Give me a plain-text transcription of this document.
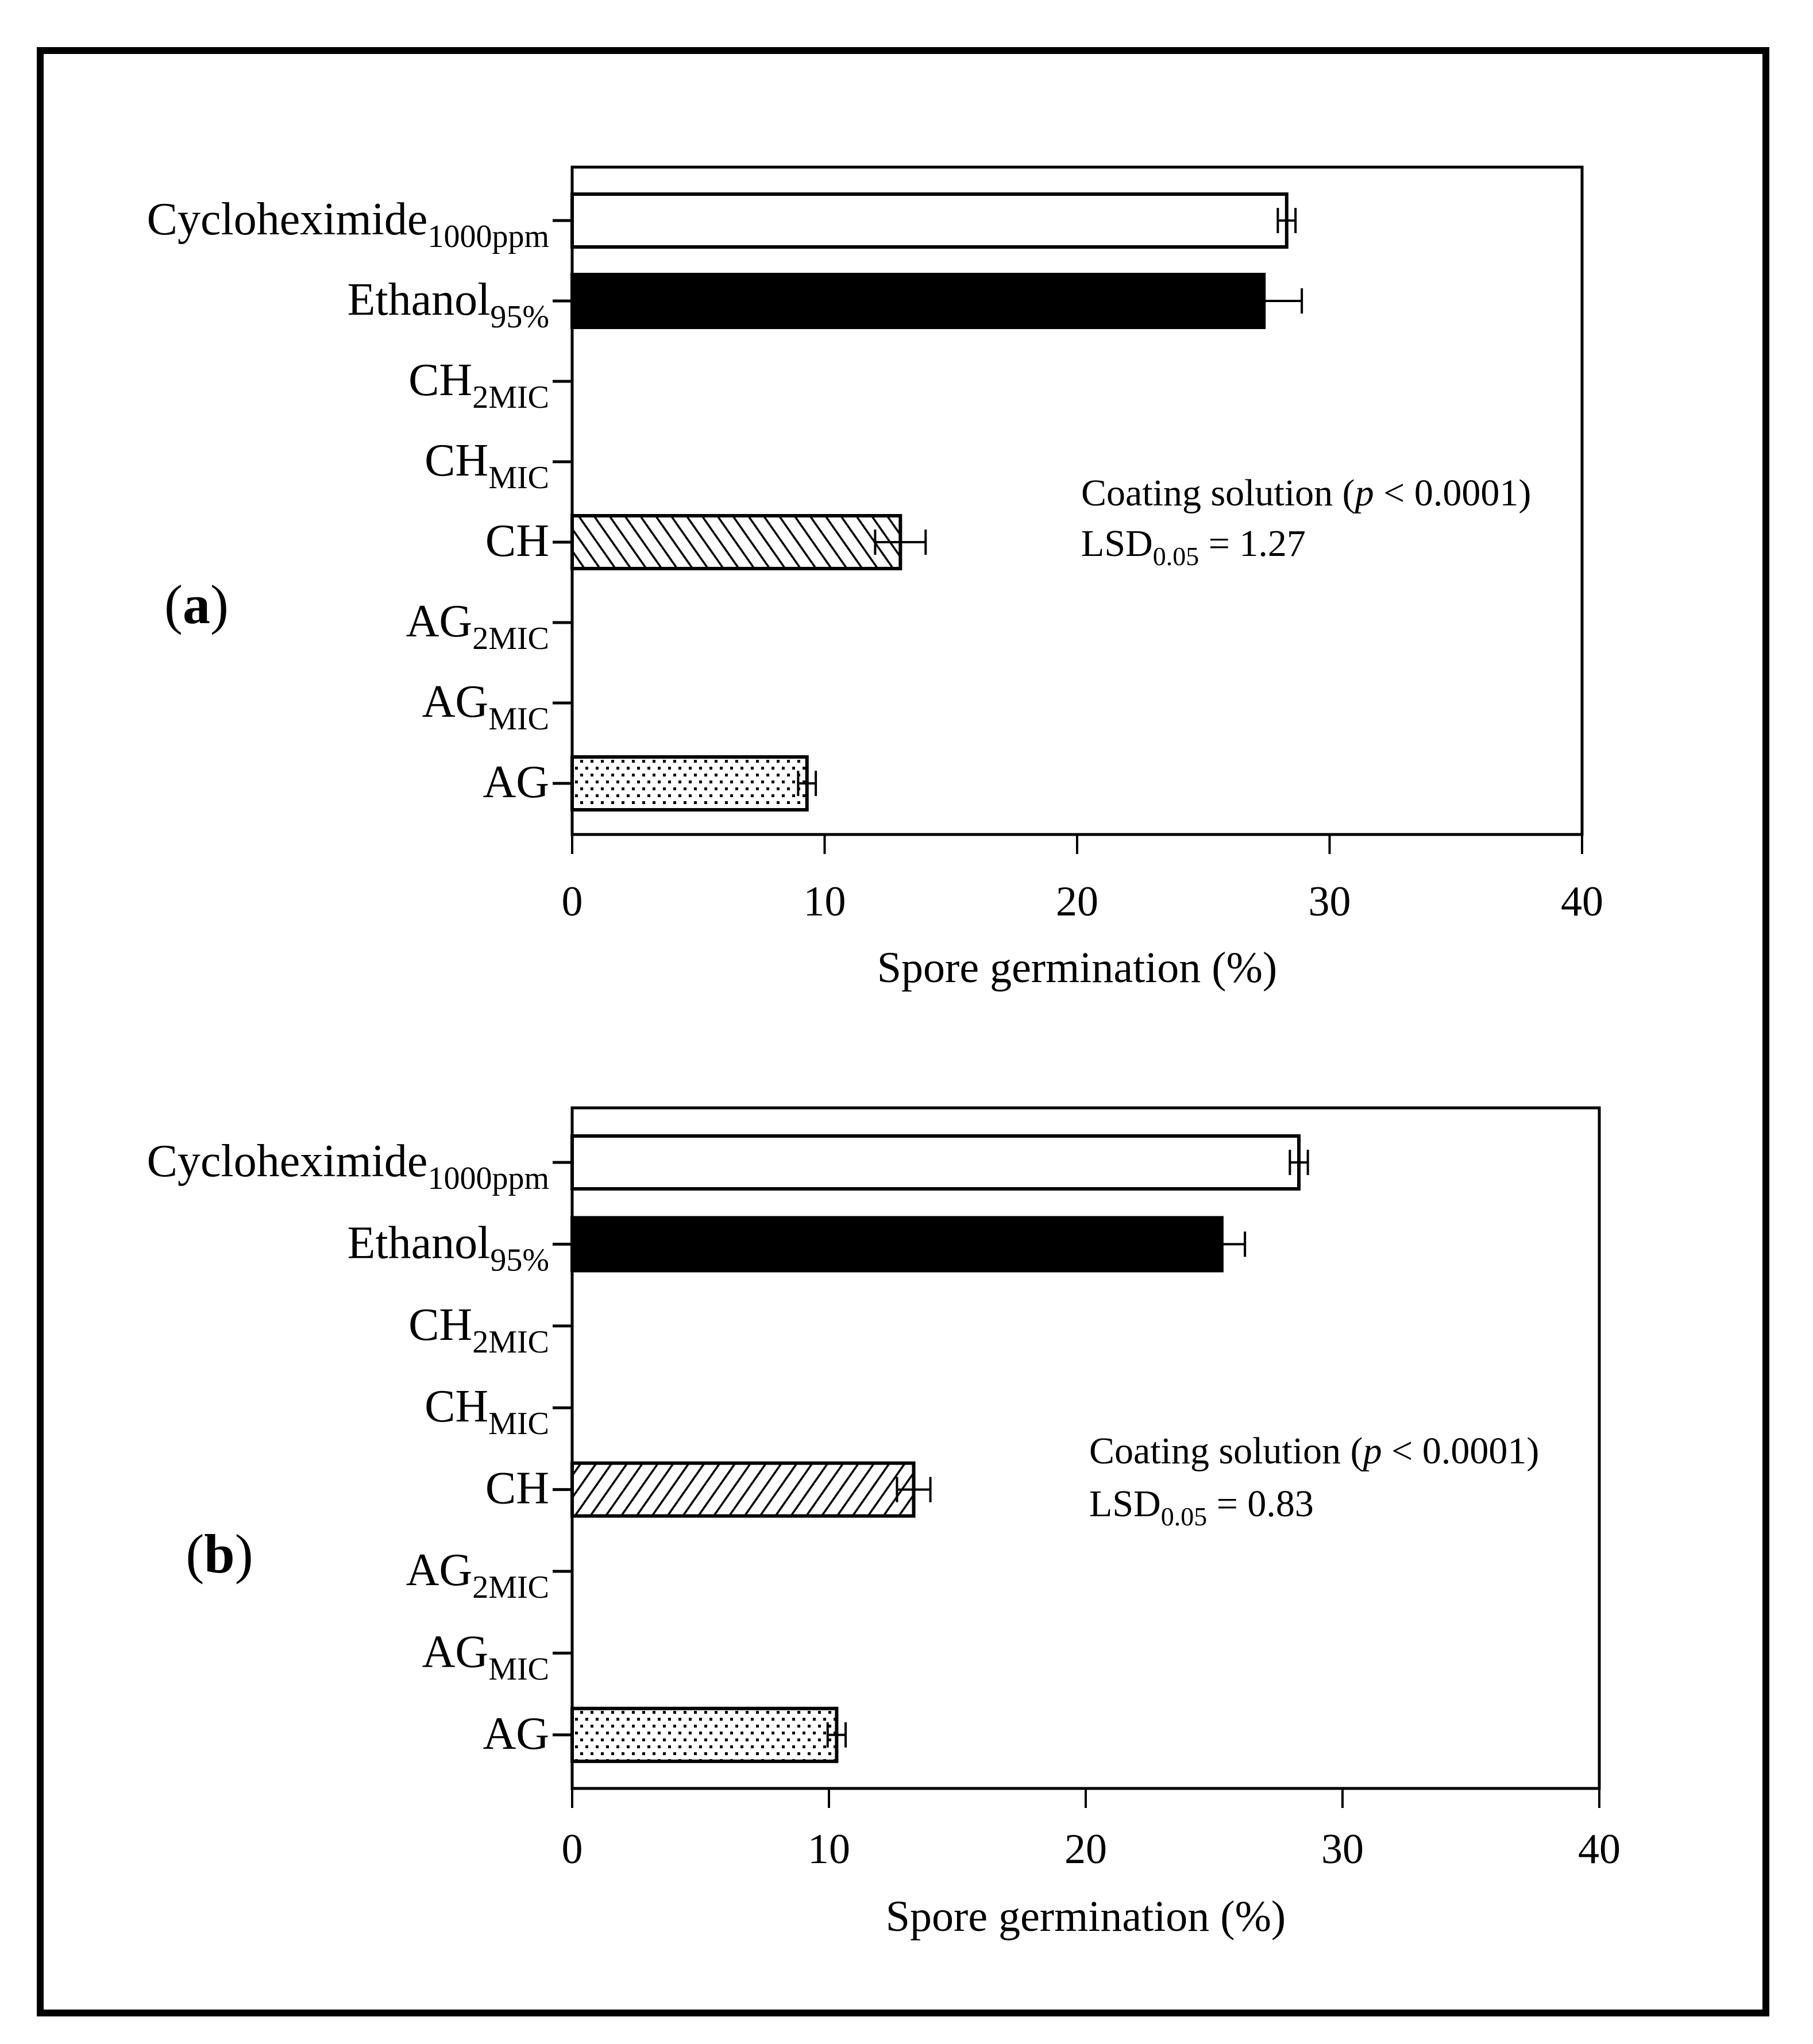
Cycloheximide$_{1000ppm}$
Ethanol$_{95\%}$
$CH_{2MIC}$
$CH_{MIC}$
CH
$AG_{2MIC}$
$AG_{MIC}$
AG
0	10	20	30	40
Spore germination (%)
(a)
Coating solution (p < 0.0001)
$LSD_{0.05} = 1.27$
Cycloheximide$_{1000ppm}$
Ethanol$_{95\%}$
$CH_{2MIC}$
$CH_{MIC}$
CH
$AG_{2MIC}$
$AG_{MIC}$
AG
0	10	20	30	40
Spore germination (%)
(b)
Coating solution (p < 0.0001)
$LSD_{0.05} = 0.83$
